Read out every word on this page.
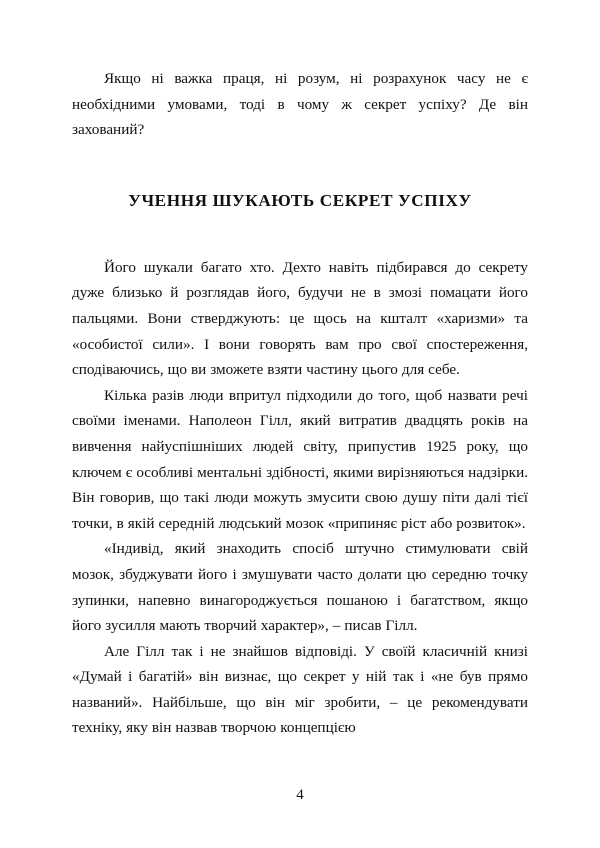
Якщо ні важка праця, ні розум, ні розрахунок часу не є необхідними умовами, тоді в чому ж секрет успіху? Де він захований?

УЧЕННЯ ШУКАЮТЬ СЕКРЕТ УСПІХУ

Його шукали багато хто. Дехто навіть підбирався до секрету дуже близько й розглядав його, будучи не в змозі помацати його пальцями. Вони стверджують: це щось на кшталт «харизми» та «особистої сили». І вони говорять вам про свої спостереження, сподіваючись, що ви зможете взяти частину цього для себе.

Кілька разів люди впритул підходили до того, щоб назвати речі своїми іменами. Наполеон Гілл, який витратив двадцять років на вивчення найуспішніших людей світу, припустив 1925 року, що ключем є особливі ментальні здібності, якими вирізняються надзірки. Він говорив, що такі люди можуть змусити свою душу піти далі тієї точки, в якій середній людський мозок «припиняє ріст або розвиток».

«Індивід, який знаходить спосіб штучно стимулювати свій мозок, збуджувати його і змушувати часто долати цю середню точку зупинки, напевно винагороджується пошаною і багатством, якщо його зусилля мають творчий характер», – писав Гілл.

Але Гілл так і не знайшов відповіді. У своїй класичній книзі «Думай і багатій» він визнає, що секрет у ній так і «не був прямо названий». Найбільше, що він міг зробити, – це рекомендувати техніку, яку він назвав творчою концепцією

4
